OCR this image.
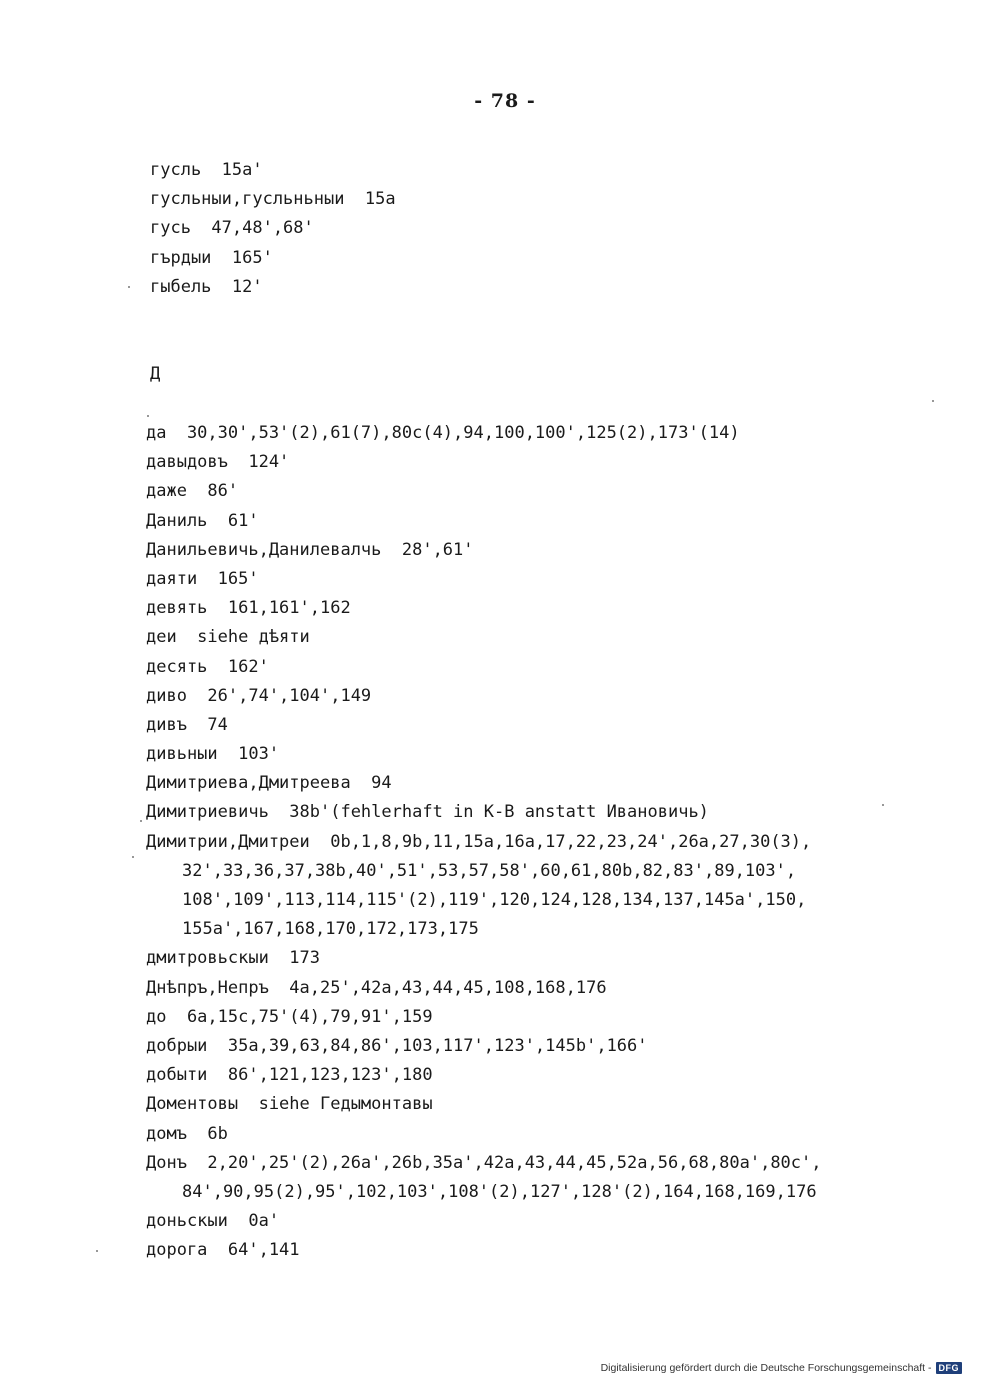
- 78 -
гусль  15а'
гусльныи,гусльньныи  15а
гусь  47,48',68'
гърдыи  165'
гыбель  12'
Д
да  30,30',53'(2),61(7),80с(4),94,100,100',125(2),173'(14)
давыдовъ  124'
даже  86'
Даниль  61'
Данильевичь,Данилевалчь  28',61'
даяти  165'
девять  161,161',162
деи  siehe дѣяти
десять  162'
диво  26',74',104',149
дивъ  74
дивьныи  103'
Димитриева,Дмитреева  94
Димитриевичь  38b'(fehlerhaft in K-B anstatt Ивановичь)
Димитрии,Дмитреи  0b,1,8,9b,11,15а,16а,17,22,23,24',26а,27,30(3),
32',33,36,37,38b,40',51',53,57,58',60,61,80b,82,83',89,103',
108',109',113,114,115'(2),119',120,124,128,134,137,145а',150,
155а',167,168,170,172,173,175
дмитровьскыи  173
Днѣпръ,Непръ  4а,25',42а,43,44,45,108,168,176
до  6а,15с,75'(4),79,91',159
добрыи  35а,39,63,84,86',103,117',123',145b',166'
добыти  86',121,123,123',180
Доментовы  siehe Гедымонтавы
домъ  6b
Донъ  2,20',25'(2),26а',26b,35а',42а,43,44,45,52а,56,68,80а',80с',
84',90,95(2),95',102,103',108'(2),127',128'(2),164,168,169,176
доньскыи  0а'
дорога  64',141
Digitalisierung gefördert durch die Deutsche Forschungsgemeinschaft - DFG
